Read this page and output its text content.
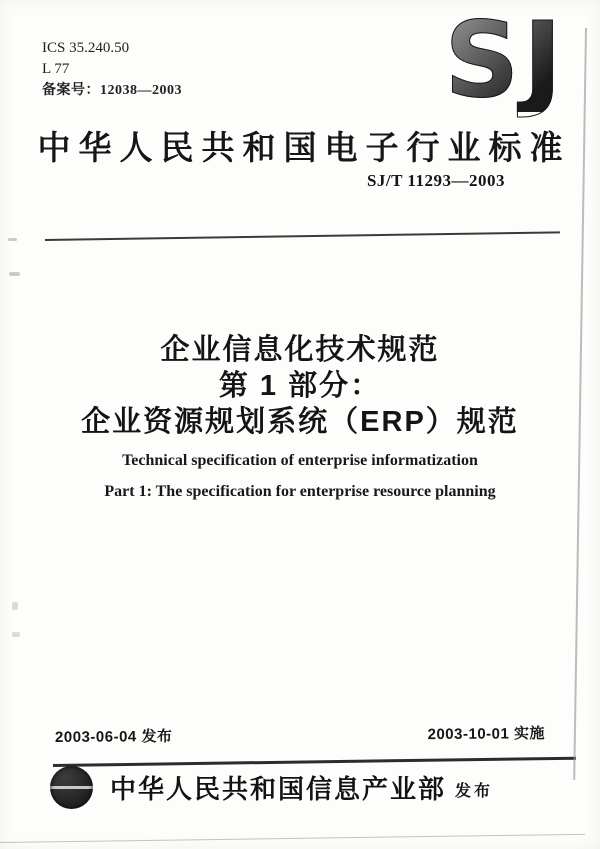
ICS 35.240.50
L 77
备案号：12038—2003	SJ
中华人民共和国电子行业标准
SJ/T 11293—2003
企业信息化技术规范
第 1 部分：
企业资源规划系统（ERP）规范
Technical specification of enterprise informatization
Part 1: The specification for enterprise resource planning
2003-06-04 发布	2003-10-01 实施
中华人民共和国信息产业部 发布
